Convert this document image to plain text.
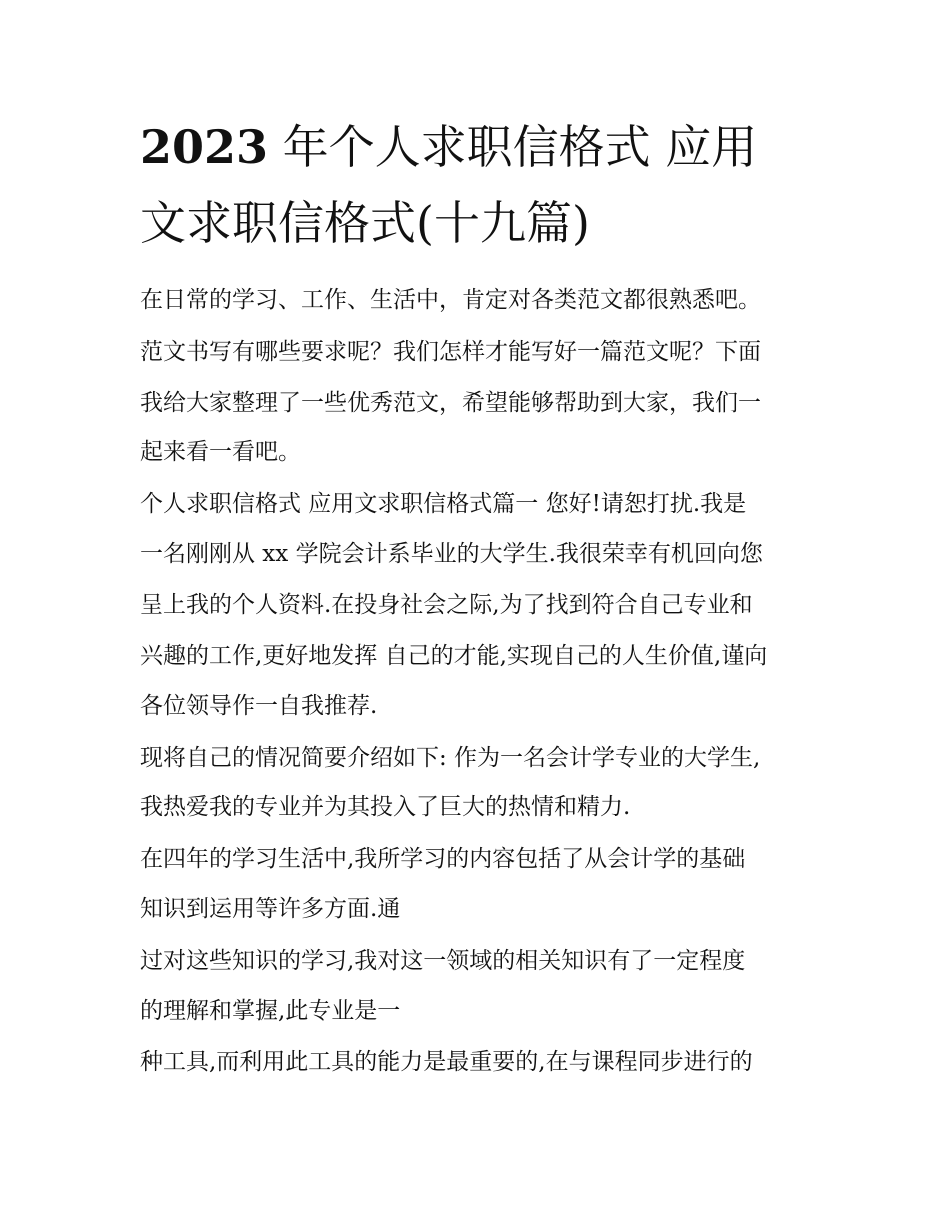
2023 年个人求职信格式 应用
文求职信格式(十九篇)
在日常的学习、工作、生活中，肯定对各类范文都很熟悉吧。
范文书写有哪些要求呢？我们怎样才能写好一篇范文呢？下面
我给大家整理了一些优秀范文，希望能够帮助到大家，我们一
起来看一看吧。
个人求职信格式 应用文求职信格式篇一 您好!请恕打扰.我是
一名刚刚从 xx 学院会计系毕业的大学生.我很荣幸有机回向您
呈上我的个人资料.在投身社会之际,为了找到符合自己专业和
兴趣的工作,更好地发挥 自己的才能,实现自己的人生价值,谨向
各位领导作一自我推荐.
现将自己的情况简要介绍如下: 作为一名会计学专业的大学生,
我热爱我的专业并为其投入了巨大的热情和精力.
在四年的学习生活中,我所学习的内容包括了从会计学的基础
知识到运用等许多方面.通
过对这些知识的学习,我对这一领域的相关知识有了一定程度
的理解和掌握,此专业是一
种工具,而利用此工具的能力是最重要的,在与课程同步进行的
